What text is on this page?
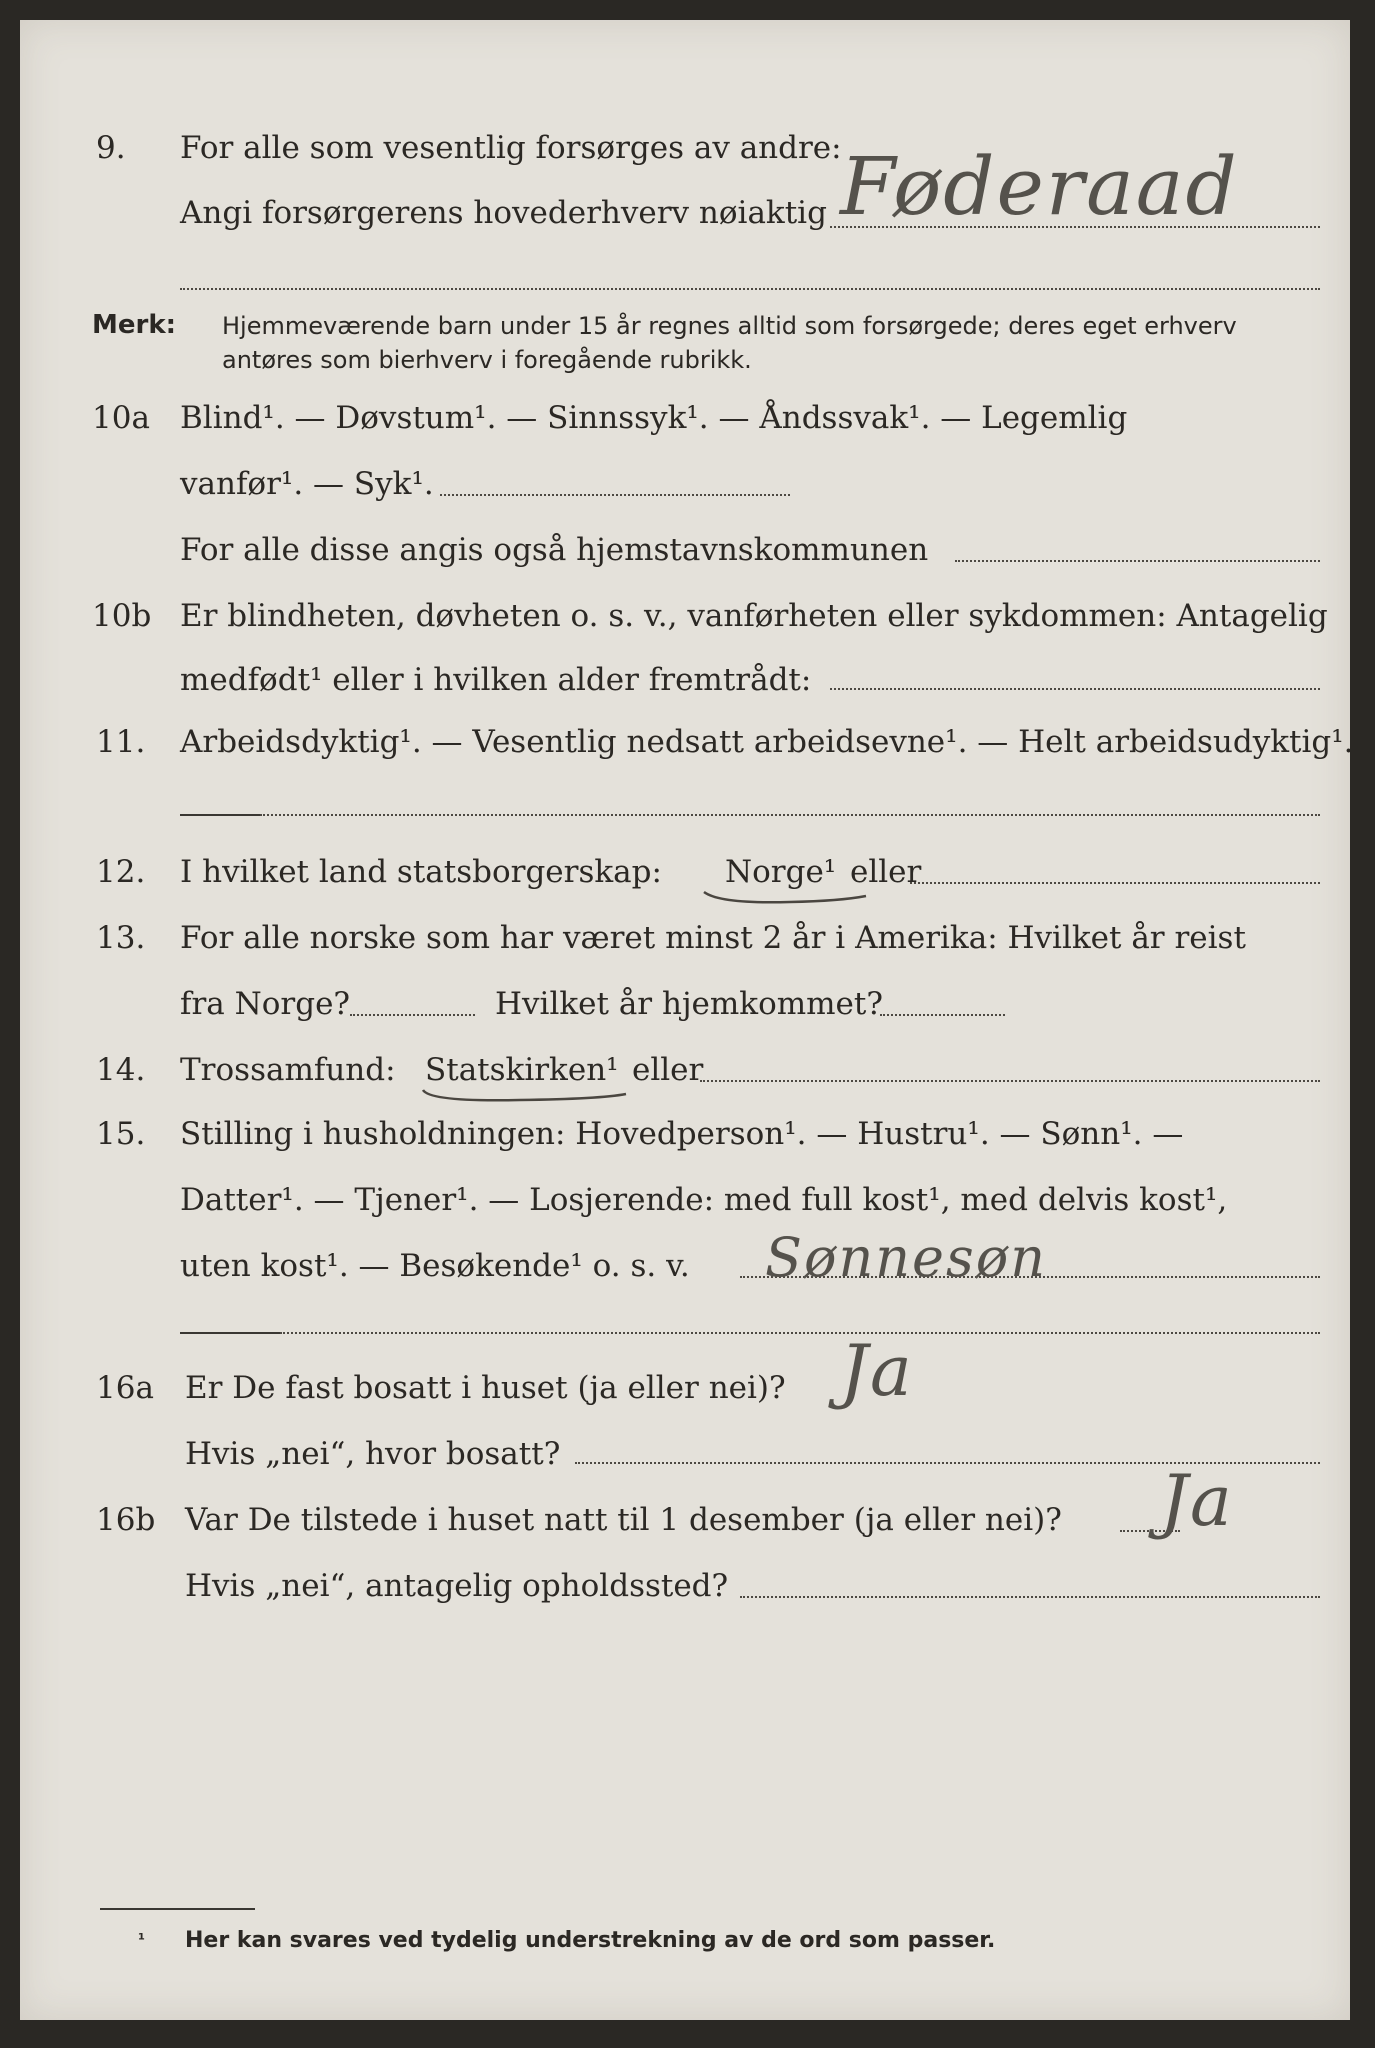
9. For alle som vesentlig forsørges av andre:
Angi forsørgerens hovederhverv nøiaktig Føderaad
Merk: Hjemmeværende barn under 15 år regnes alltid som forsørgede; deres eget erhverv
antøres som bierhverv i foregående rubrikk.
10a Blind¹. — Døvstum¹. — Sinnssyk¹. — Åndssvak¹. — Legemlig
vanfør¹. — Syk¹.
For alle disse angis også hjemstavnskommunen
10b Er blindheten, døvheten o. s. v., vanførheten eller sykdommen: Antagelig
medfødt¹ eller i hvilken alder fremtrådt:
11. Arbeidsdyktig¹. — Vesentlig nedsatt arbeidsevne¹. — Helt arbeidsudyktig¹.
12. I hvilket land statsborgerskap: Norge¹ eller
13. For alle norske som har været minst 2 år i Amerika: Hvilket år reist
fra Norge?	Hvilket år hjemkommet?
14. Trossamfund: Statskirken¹ eller
15. Stilling i husholdningen: Hovedperson¹. — Hustru¹. — Sønn¹. —
Datter¹. — Tjener¹. — Losjerende: med full kost¹, med delvis kost¹,
uten kost¹. — Besøkende¹ o. s. v. Sønnesøn
16a Er De fast bosatt i huset (ja eller nei)? Ja
Hvis „nei“, hvor bosatt?
16b Var De tilstede i huset natt til 1 desember (ja eller nei)? Ja
Hvis „nei“, antagelig opholdssted?
¹ Her kan svares ved tydelig understrekning av de ord som passer.
